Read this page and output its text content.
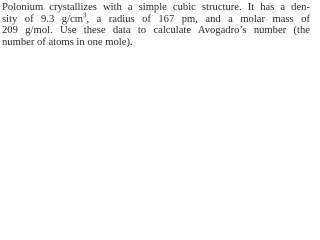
Polonium crystallizes with a simple cubic structure. It has a den-
sity of 9.3 $g/cm^3$, a radius of 167 pm, and a molar mass of
209 g/mol. Use these data to calculate Avogadro’s number (the
number of atoms in one mole).
